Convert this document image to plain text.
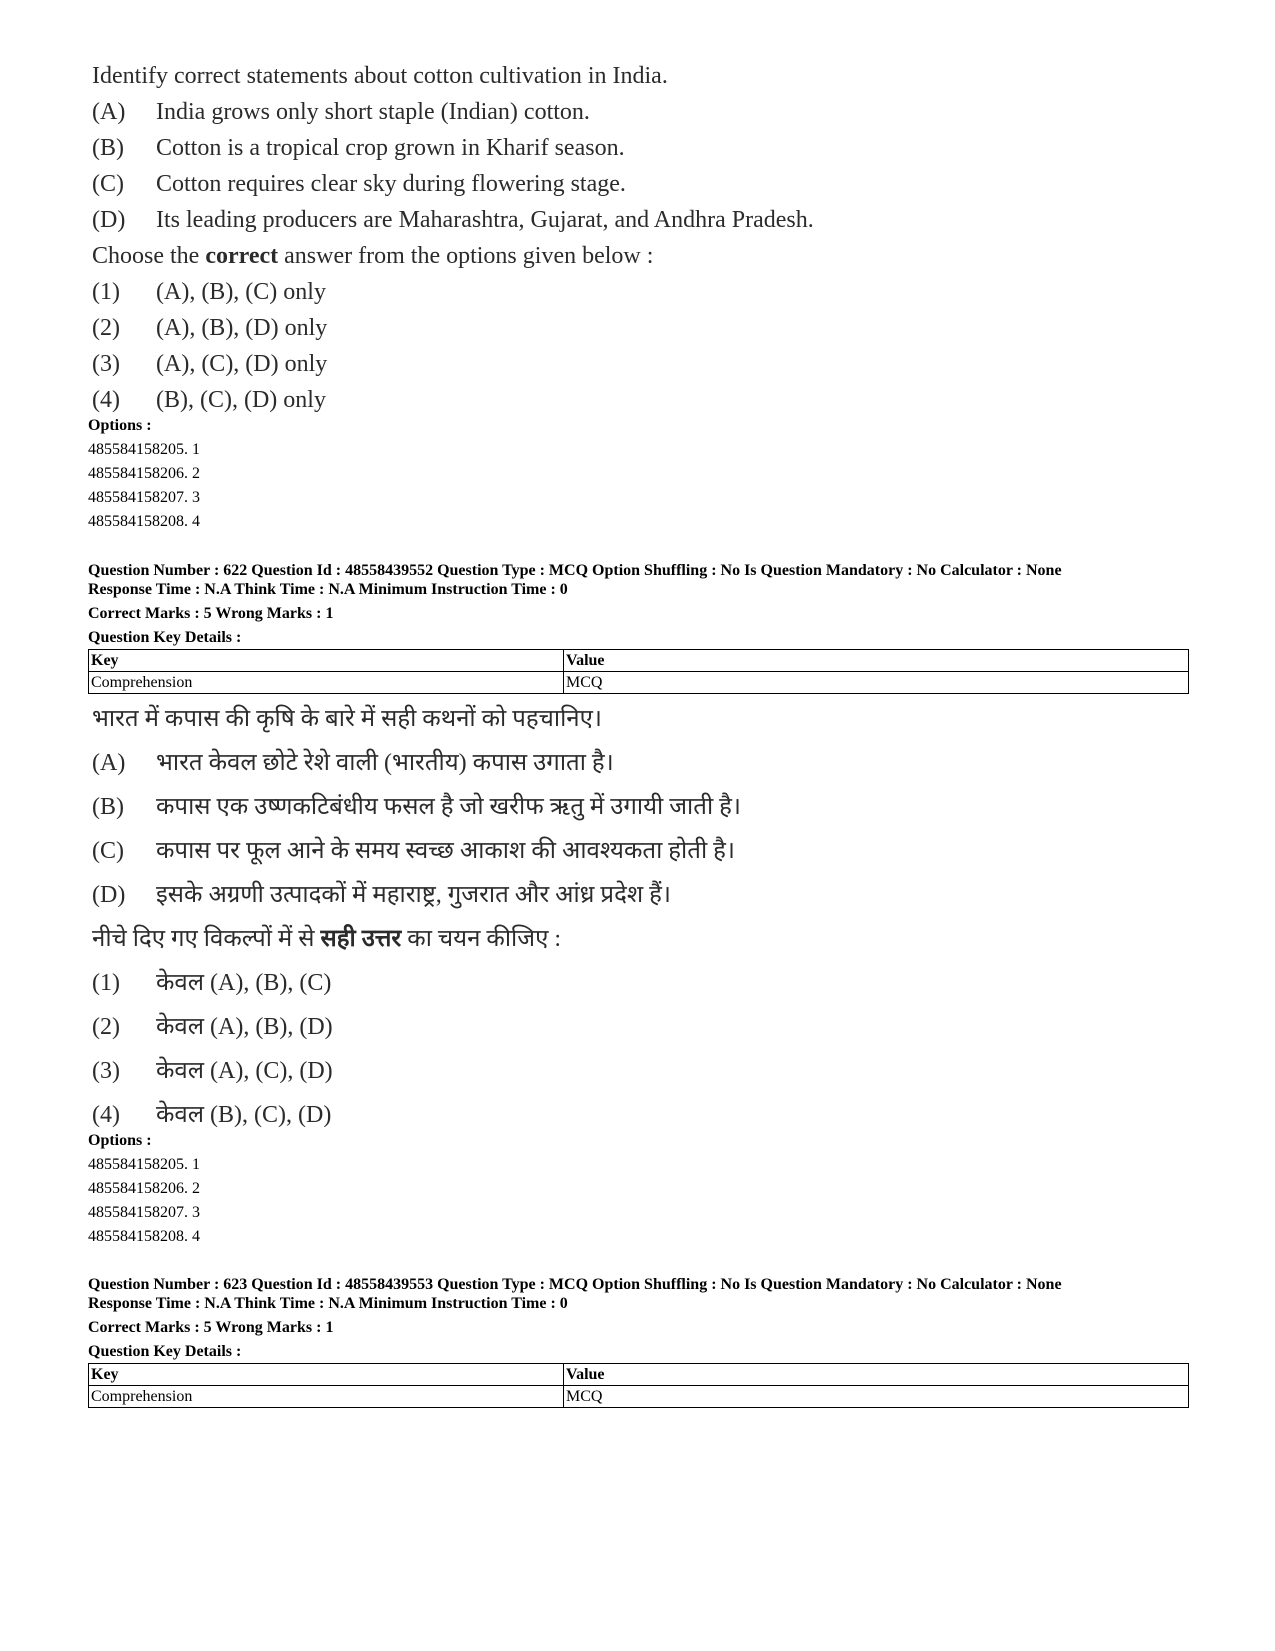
Identify correct statements about cotton cultivation in India.
(A)	India grows only short staple (Indian) cotton.
(B)	Cotton is a tropical crop grown in Kharif season.
(C)	Cotton requires clear sky during flowering stage.
(D)	Its leading producers are Maharashtra, Gujarat, and Andhra Pradesh.
Choose the correct answer from the options given below :
(1)	(A), (B), (C) only
(2)	(A), (B), (D) only
(3)	(A), (C), (D) only
(4)	(B), (C), (D) only
Options :
485584158205. 1
485584158206. 2
485584158207. 3
485584158208. 4
Question Number : 622 Question Id : 48558439552 Question Type : MCQ Option Shuffling : No Is Question Mandatory : No Calculator : None
Response Time : N.A Think Time : N.A Minimum Instruction Time : 0
Correct Marks : 5 Wrong Marks : 1
Question Key Details :
Key	Value
Comprehension	MCQ
भारत में कपास की कृषि के बारे में सही कथनों को पहचानिए।
(A)	भारत केवल छोटे रेशे वाली (भारतीय) कपास उगाता है।
(B)	कपास एक उष्णकटिबंधीय फसल है जो खरीफ ऋतु में उगायी जाती है।
(C)	कपास पर फूल आने के समय स्वच्छ आकाश की आवश्यकता होती है।
(D)	इसके अग्रणी उत्पादकों में महाराष्ट्र, गुजरात और आंध्र प्रदेश हैं।
नीचे दिए गए विकल्पों में से सही उत्तर का चयन कीजिए :
(1)	केवल (A), (B), (C)
(2)	केवल (A), (B), (D)
(3)	केवल (A), (C), (D)
(4)	केवल (B), (C), (D)
Options :
485584158205. 1
485584158206. 2
485584158207. 3
485584158208. 4
Question Number : 623 Question Id : 48558439553 Question Type : MCQ Option Shuffling : No Is Question Mandatory : No Calculator : None
Response Time : N.A Think Time : N.A Minimum Instruction Time : 0
Correct Marks : 5 Wrong Marks : 1
Question Key Details :
Key	Value
Comprehension	MCQ
